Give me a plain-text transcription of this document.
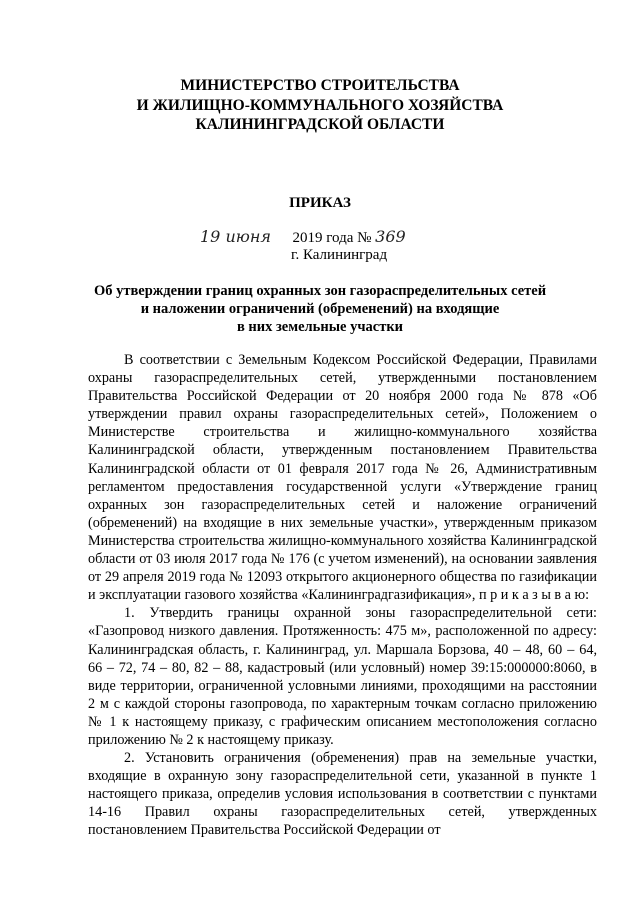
МИНИСТЕРСТВО СТРОИТЕЛЬСТВА
И ЖИЛИЩНО-КОММУНАЛЬНОГО ХОЗЯЙСТВА
КАЛИНИНГРАДСКОЙ ОБЛАСТИ
ПРИКАЗ
19 июня 2019 года № 369
г. Калининград
Об утверждении границ охранных зон газораспределительных сетей
и наложении ограничений (обременений) на входящие
в них земельные участки

В соответствии с Земельным Кодексом Российской Федерации, Правилами охраны газораспределительных сетей, утвержденными постановлением Правительства Российской Федерации от 20 ноября 2000 года № 878 «Об утверждении правил охраны газораспределительных сетей», Положением о Министерстве строительства и жилищно-коммунального хозяйства Калининградской области, утвержденным постановлением Правительства Калининградской области от 01 февраля 2017 года № 26, Административным регламентом предоставления государственной услуги «Утверждение границ охранных зон газораспределительных сетей и наложение ограничений (обременений) на входящие в них земельные участки», утвержденным приказом Министерства строительства жилищно-коммунального хозяйства Калининградской области от 03 июля 2017 года № 176 (с учетом изменений), на основании заявления от 29 апреля 2019 года № 12093 открытого акционерного общества по газификации и эксплуатации газового хозяйства «Калининградгазификация», п р и к а з ы в а ю:

1. Утвердить границы охранной зоны газораспределительной сети: «Газопровод низкого давления. Протяженность: 475 м», расположенной по адресу: Калининградская область, г. Калининград, ул. Маршала Борзова, 40 – 48, 60 – 64, 66 – 72, 74 – 80, 82 – 88, кадастровый (или условный) номер 39:15:000000:8060, в виде территории, ограниченной условными линиями, проходящими на расстоянии 2 м с каждой стороны газопровода, по характерным точкам согласно приложению № 1 к настоящему приказу, с графическим описанием местоположения согласно приложению № 2 к настоящему приказу.

2. Установить ограничения (обременения) прав на земельные участки, входящие в охранную зону газораспределительной сети, указанной в пункте 1 настоящего приказа, определив условия использования в соответствии с пунктами 14-16 Правил охраны газораспределительных сетей, утвержденных постановлением Правительства Российской Федерации от
